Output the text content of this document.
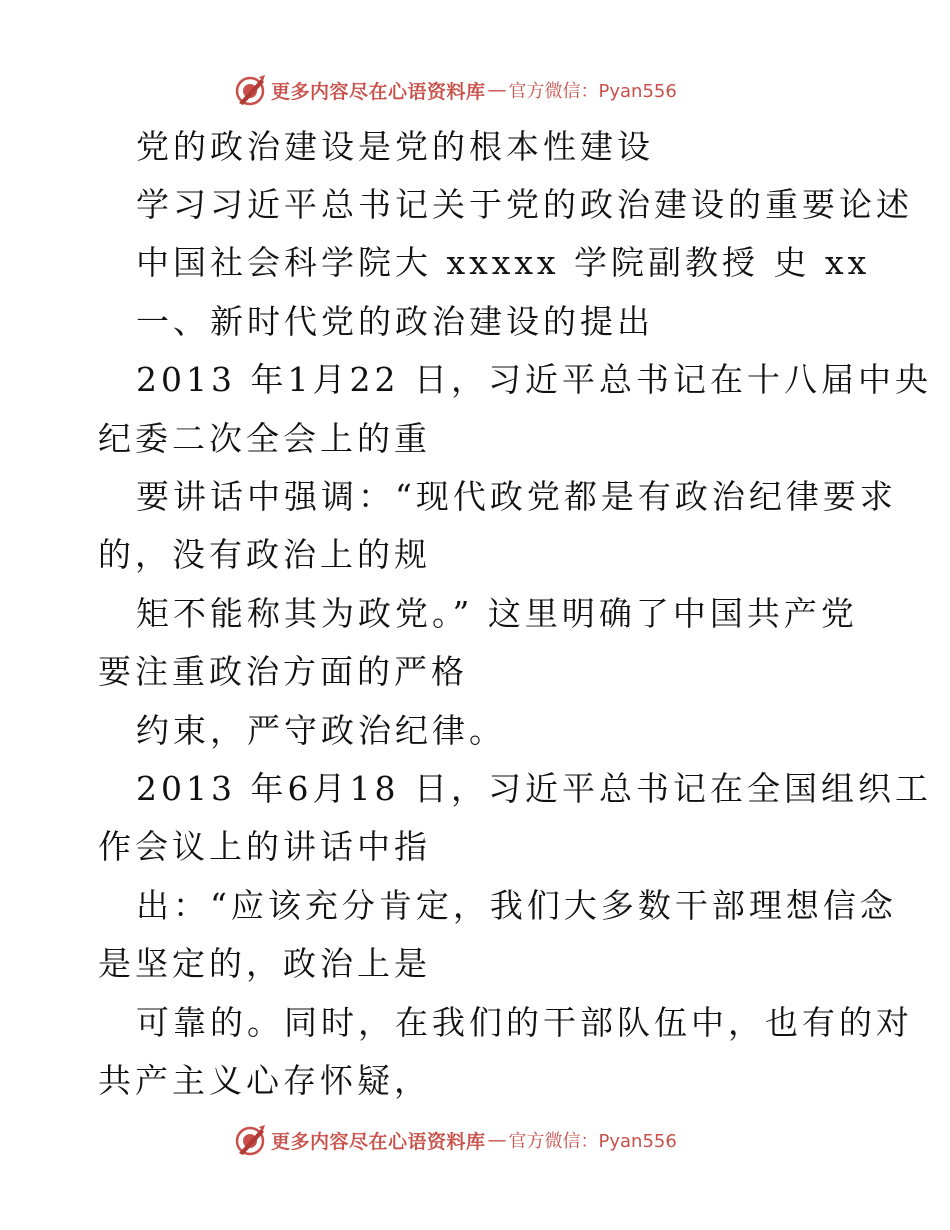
更多内容尽在心语资料库 — 官方微信：Pyan556
党的政治建设是党的根本性建设
学习习近平总书记关于党的政治建设的重要论述
中国社会科学院大 xxxxx 学院副教授 史 xx
一、新时代党的政治建设的提出
2013 年1月22 日，习近平总书记在十八届中央
纪委二次全会上的重
要讲话中强调：“现代政党都是有政治纪律要求
的，没有政治上的规
矩不能称其为政党。” 这里明确了中国共产党
要注重政治方面的严格
约束，严守政治纪律。
2013 年6月18 日，习近平总书记在全国组织工
作会议上的讲话中指
出：“应该充分肯定，我们大多数干部理想信念
是坚定的，政治上是
可靠的。同时，在我们的干部队伍中，也有的对
共产主义心存怀疑，
更多内容尽在心语资料库 — 官方微信：Pyan556
